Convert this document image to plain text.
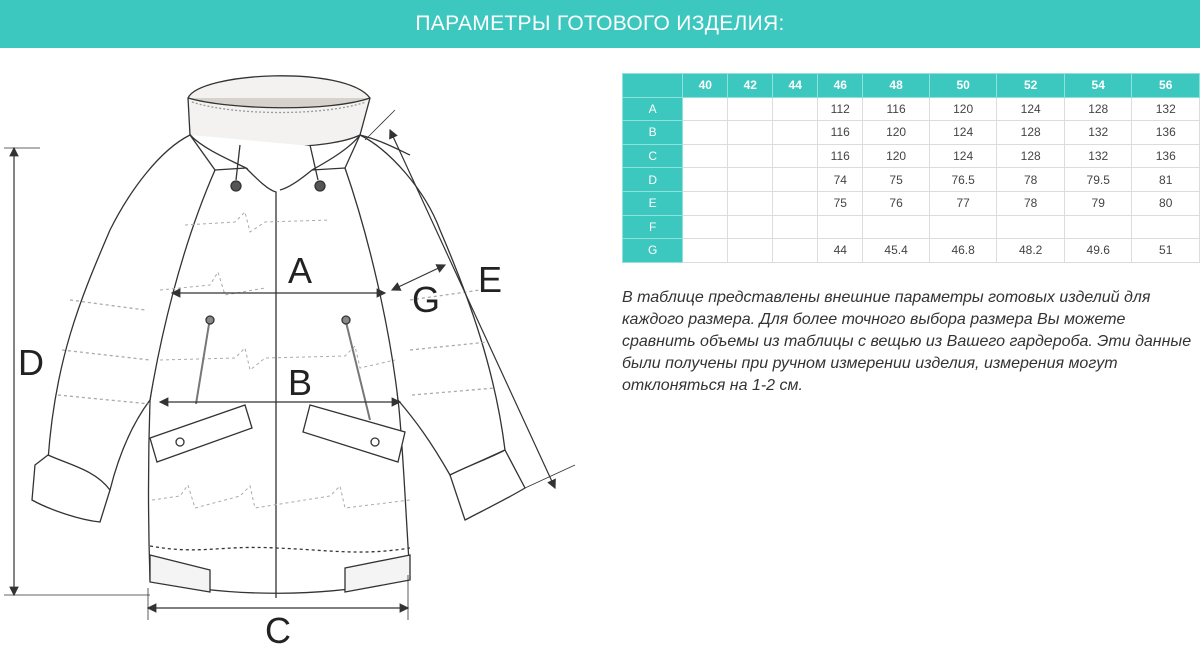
ПАРАМЕТРЫ ГОТОВОГО ИЗДЕЛИЯ:
A
B
C
D
E
G
	40	42	44	46	48	50	52	54	56
A				112	116	120	124	128	132
B				116	120	124	128	132	136
C				116	120	124	128	132	136
D				74	75	76.5	78	79.5	81
E				75	76	77	78	79	80
F									
G				44	45.4	46.8	48.2	49.6	51

В таблице представлены внешние параметры готовых изделий для каждого размера. Для более точного выбора размера Вы можете сравнить объемы из таблицы с вещью из Вашего гардероба. Эти данные были получены при ручном измерении изделия, измерения могут отклоняться на 1-2 см.
